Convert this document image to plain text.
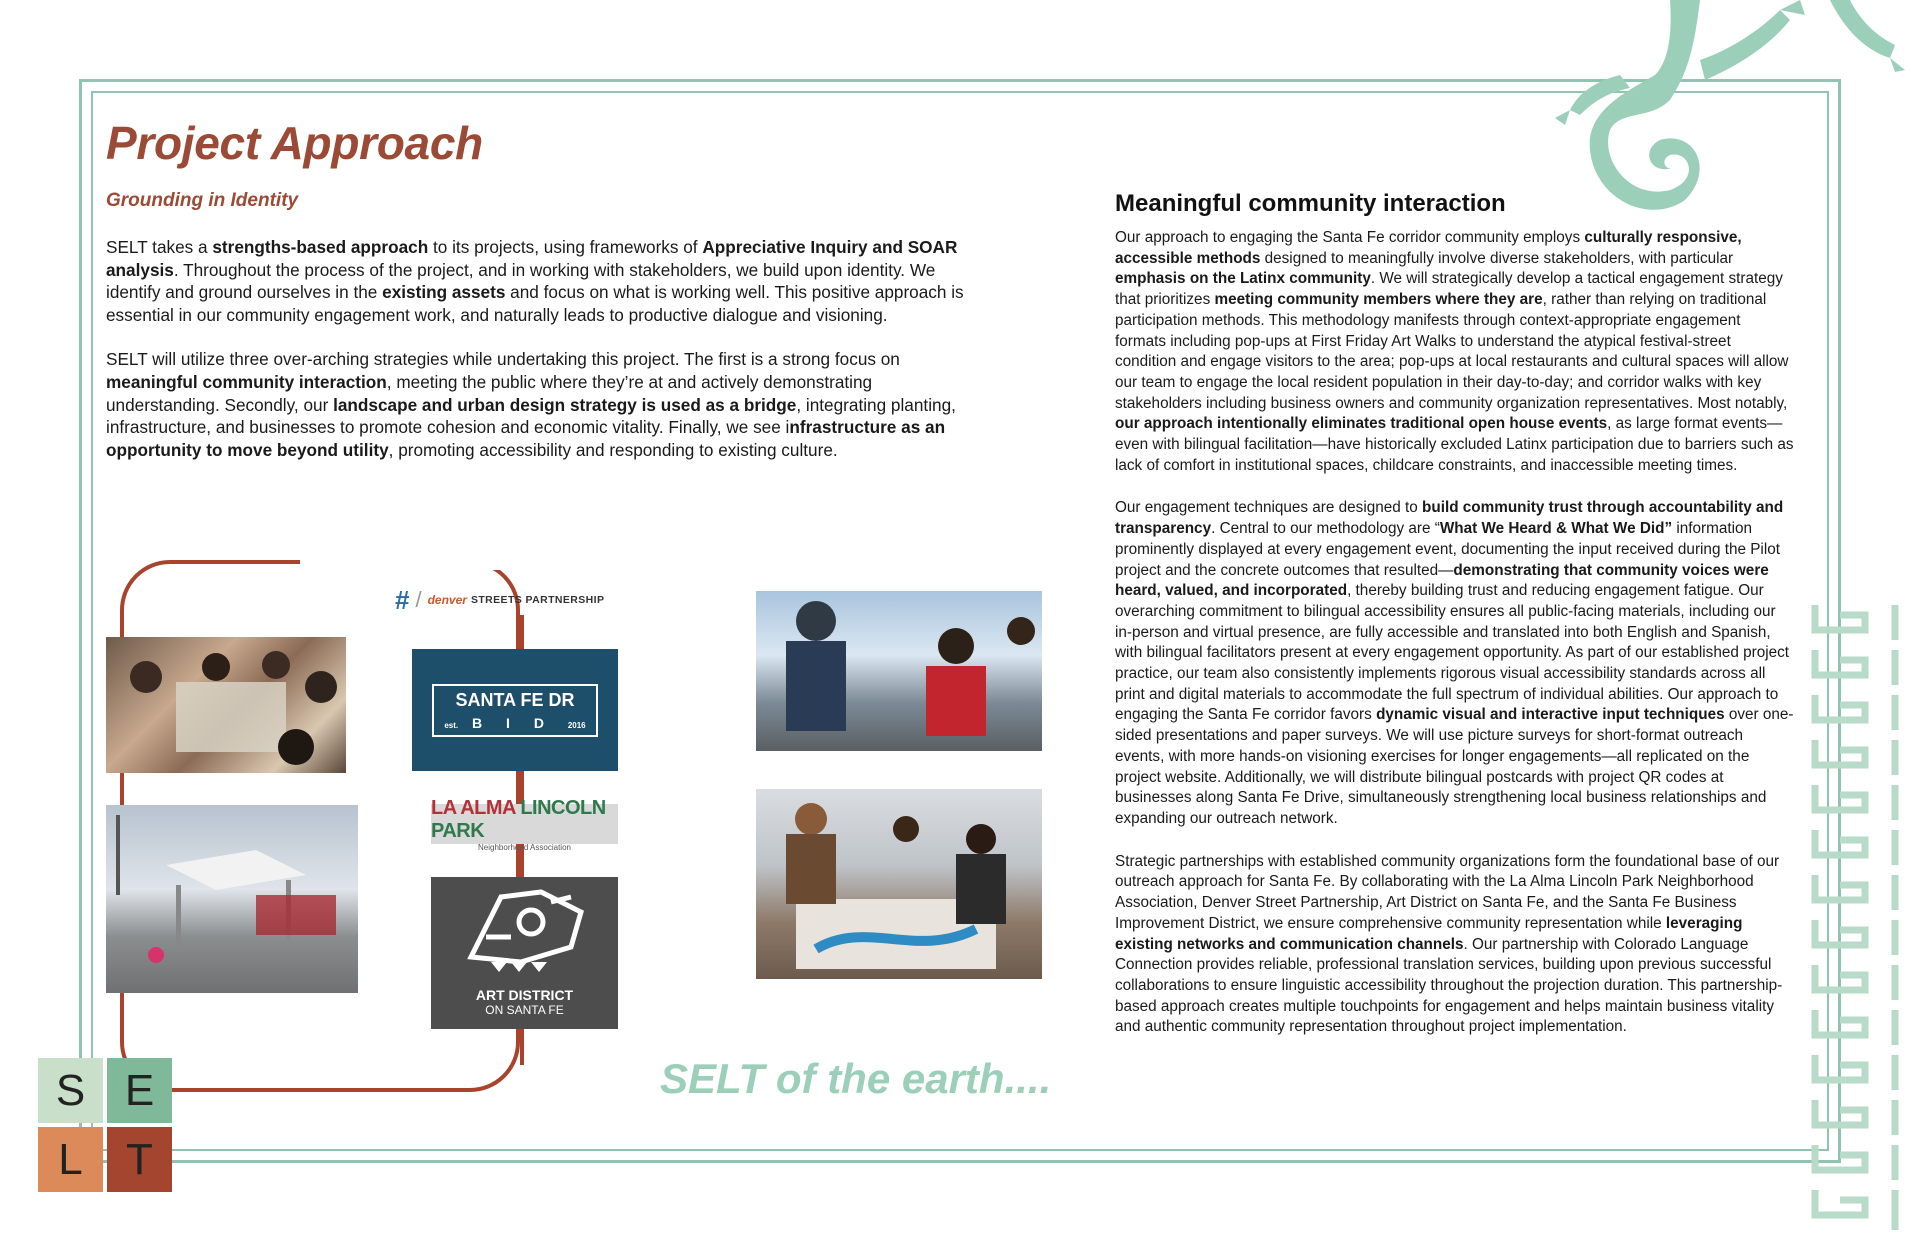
Project Approach
Grounding in Identity

SELT takes a strengths-based approach to its projects, using frameworks of Appreciative Inquiry and SOAR analysis. Throughout the process of the project, and in working with stakeholders, we build upon identity. We identify and ground ourselves in the existing assets and focus on what is working well. This positive approach is essential in our community engagement work, and naturally leads to productive dialogue and visioning.

SELT will utilize three over-arching strategies while undertaking this project. The first is a strong focus on meaningful community interaction, meeting the public where they’re at and actively demonstrating understanding. Secondly, our landscape and urban design strategy is used as a bridge, integrating planting, infrastructure, and businesses to promote cohesion and economic vitality. Finally, we see infrastructure as an opportunity to move beyond utility, promoting accessibility and responding to existing culture.

Meaningful community interaction

Our approach to engaging the Santa Fe corridor community employs culturally responsive, accessible methods designed to meaningfully involve diverse stakeholders, with particular emphasis on the Latinx community. We will strategically develop a tactical engagement strategy that prioritizes meeting community members where they are, rather than relying on traditional participation methods. This methodology manifests through context-appropriate engagement formats including pop-ups at First Friday Art Walks to understand the atypical festival-street condition and engage visitors to the area; pop-ups at local restaurants and cultural spaces will allow our team to engage the local resident population in their day-to-day; and corridor walks with key stakeholders including business owners and community organization representatives. Most notably, our approach intentionally eliminates traditional open house events, as large format events—even with bilingual facilitation—have historically excluded Latinx participation due to barriers such as lack of comfort in institutional spaces, childcare constraints, and inaccessible meeting times.

Our engagement techniques are designed to build community trust through accountability and transparency. Central to our methodology are “What We Heard & What We Did” information prominently displayed at every engagement event, documenting the input received during the Pilot project and the concrete outcomes that resulted—demonstrating that community voices were heard, valued, and incorporated, thereby building trust and reducing engagement fatigue. Our overarching commitment to bilingual accessibility ensures all public-facing materials, including our in-person and virtual presence, are fully accessible and translated into both English and Spanish, with bilingual facilitators present at every engagement opportunity. As part of our established project practice, our team also consistently implements rigorous visual accessibility standards across all print and digital materials to accommodate the full spectrum of individual abilities. Our approach to engaging the Santa Fe corridor favors dynamic visual and interactive input techniques over one-sided presentations and paper surveys. We will use picture surveys for short-format outreach events, with more hands-on visioning exercises for longer engagements—all replicated on the project website. Additionally, we will distribute bilingual postcards with project QR codes at businesses along Santa Fe Drive, simultaneously strengthening local business relationships and expanding our outreach network.

Strategic partnerships with established community organizations form the foundational base of our outreach approach for Santa Fe. By collaborating with the La Alma Lincoln Park Neighborhood Association, Denver Street Partnership, Art District on Santa Fe, and the Santa Fe Business Improvement District, we ensure comprehensive community representation while leveraging existing networks and communication channels. Our partnership with Colorado Language Connection provides reliable, professional translation services, building upon previous successful collaborations to ensure linguistic accessibility throughout the projection duration. This partnership-based approach creates multiple touchpoints for engagement and helps maintain business vitality and authentic community representation throughout project implementation.

# / denver STREETS PARTNERSHIP
SANTA FE DR
est. B I D 2016
LA ALMA LINCOLN PARK
Neighborhood Association
ART DISTRICT
ON SANTA FE

SELT of the earth....

S E
L T
